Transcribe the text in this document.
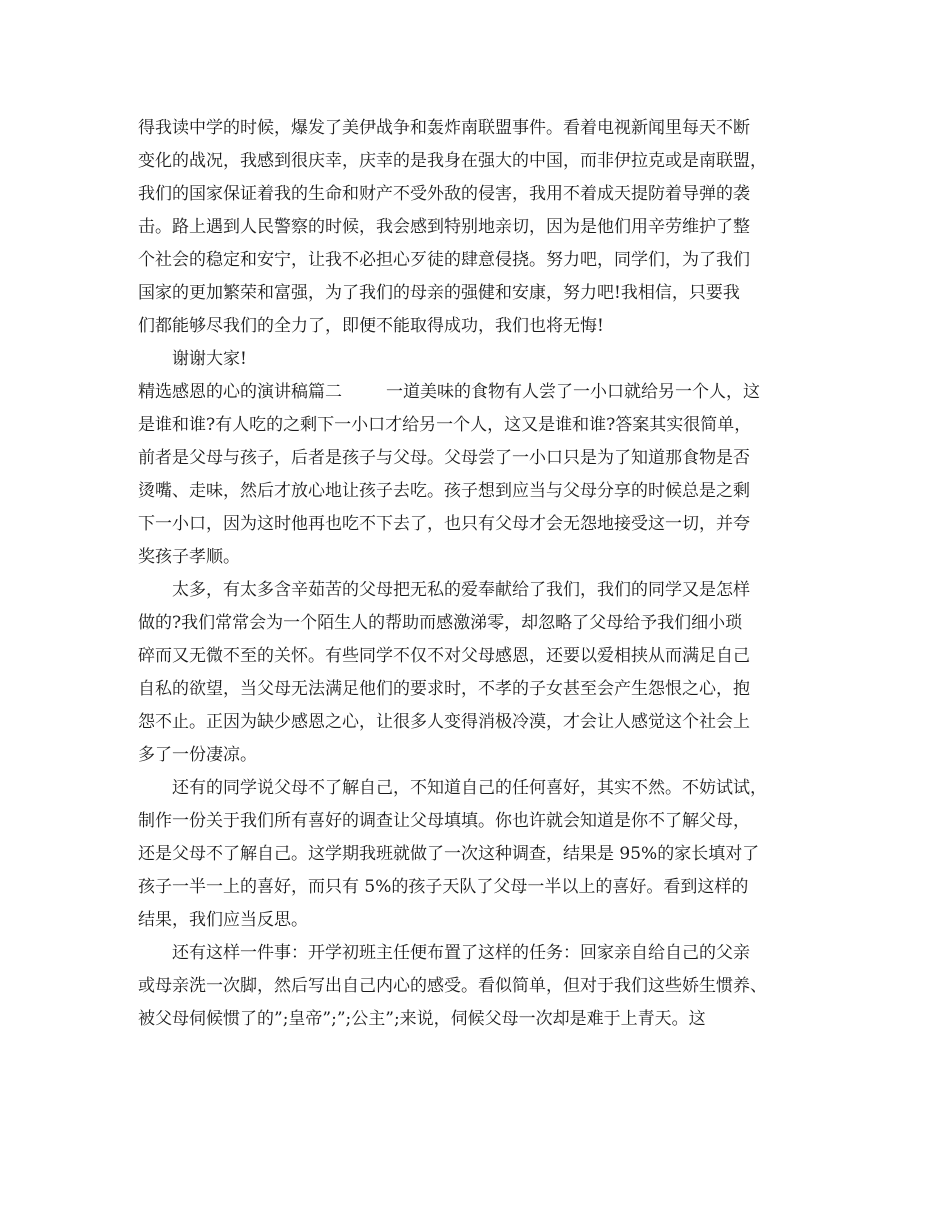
得我读中学的时候，爆发了美伊战争和轰炸南联盟事件。看着电视新闻里每天不断
变化的战况，我感到很庆幸，庆幸的是我身在强大的中国，而非伊拉克或是南联盟，
我们的国家保证着我的生命和财产不受外敌的侵害，我用不着成天提防着导弹的袭
击。路上遇到人民警察的时候，我会感到特别地亲切，因为是他们用辛劳维护了整
个社会的稳定和安宁，让我不必担心歹徒的肆意侵挠。努力吧，同学们，为了我们
国家的更加繁荣和富强，为了我们的母亲的强健和安康，努力吧!我相信，只要我
们都能够尽我们的全力了，即便不能取得成功，我们也将无悔!

谢谢大家!

精选感恩的心的演讲稿篇二	一道美味的食物有人尝了一小口就给另一个人，这
是谁和谁?有人吃的之剩下一小口才给另一个人，这又是谁和谁?答案其实很简单，
前者是父母与孩子，后者是孩子与父母。父母尝了一小口只是为了知道那食物是否
烫嘴、走味，然后才放心地让孩子去吃。孩子想到应当与父母分享的时候总是之剩
下一小口，因为这时他再也吃不下去了，也只有父母才会无怨地接受这一切，并夸
奖孩子孝顺。

太多，有太多含辛茹苦的父母把无私的爱奉献给了我们，我们的同学又是怎样
做的?我们常常会为一个陌生人的帮助而感激涕零，却忽略了父母给予我们细小琐
碎而又无微不至的关怀。有些同学不仅不对父母感恩，还要以爱相挟从而满足自己
自私的欲望，当父母无法满足他们的要求时，不孝的子女甚至会产生怨恨之心，抱
怨不止。正因为缺少感恩之心，让很多人变得消极冷漠，才会让人感觉这个社会上
多了一份凄凉。

还有的同学说父母不了解自己，不知道自己的任何喜好，其实不然。不妨试试，
制作一份关于我们所有喜好的调查让父母填填。你也许就会知道是你不了解父母，
还是父母不了解自己。这学期我班就做了一次这种调查，结果是 95%的家长填对了
孩子一半一上的喜好，而只有 5%的孩子天队了父母一半以上的喜好。看到这样的
结果，我们应当反思。

还有这样一件事：开学初班主任便布置了这样的任务：回家亲自给自己的父亲
或母亲洗一次脚，然后写出自己内心的感受。看似简单，但对于我们这些娇生惯养、
被父母伺候惯了的”;皇帝”;”;公主”;来说，伺候父母一次却是难于上青天。这
